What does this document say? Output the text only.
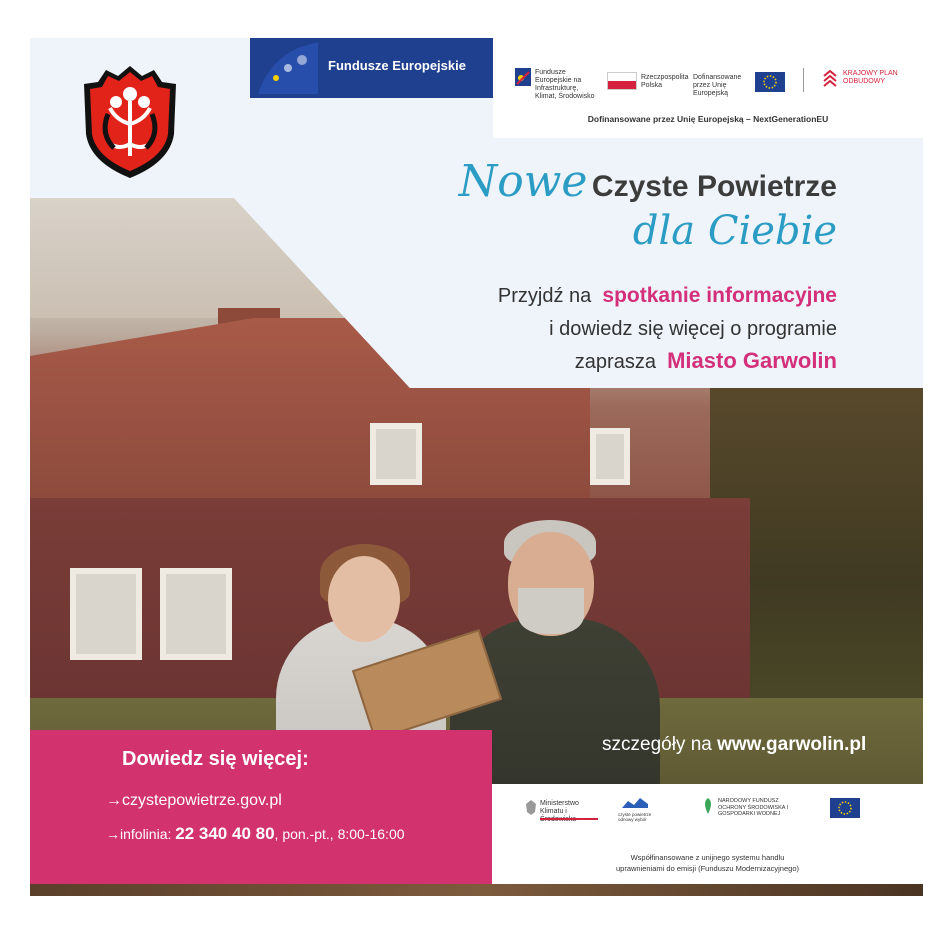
Fundusze Europejskie	Fundusze Europejskie na Infrastrukturę, Klimat, Środowisko
Rzeczpospolita Polska
Dofinansowane przez Unię Europejską
KRAJOWY PLAN ODBUDOWY
Dofinansowane przez Unię Europejską – NextGenerationEU
Nowe Czyste Powietrze
dla Ciebie
Przyjdź na spotkanie informacyjne
i dowiedz się więcej o programie
zaprasza Miasto Garwolin
szczegóły na www.garwolin.pl
Dowiedz się więcej:
→czystepowietrze.gov.pl
→infolinia: 22 340 40 80, pon.-pt., 8:00-16:00
Ministerstwo Klimatu i	czyste powietrze odnowy wybór
NARODOWY FUNDUSZ OCHRONY ŚRODOWISKA I GOSPODARKI WODNEJ
Współfinansowane z unijnego systemu handlu
uprawnieniami do emisji (Funduszu Modernizacyjnego)
